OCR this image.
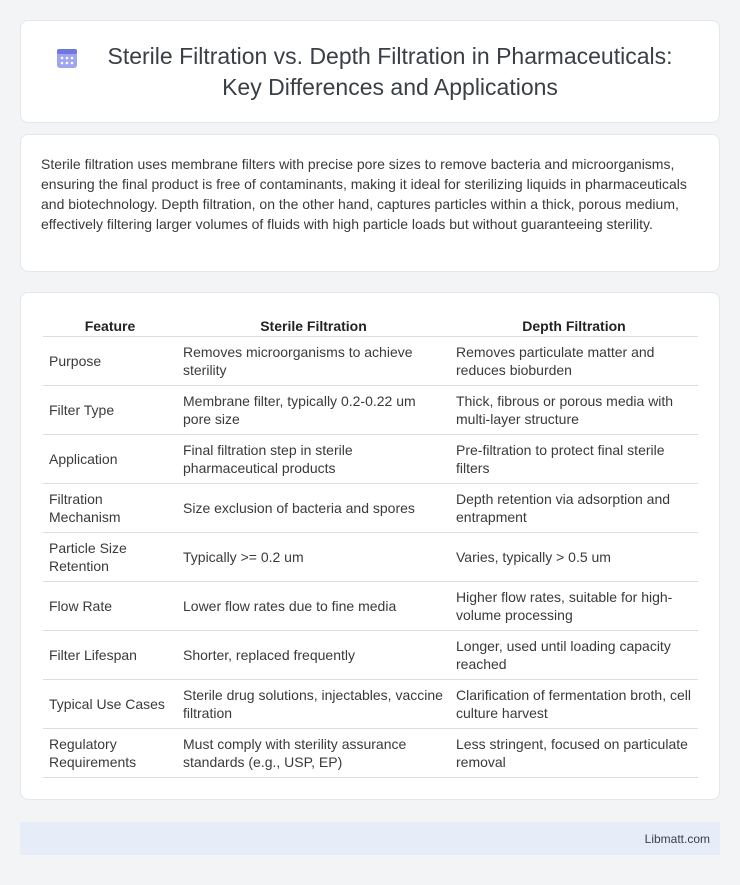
Sterile Filtration vs. Depth Filtration in Pharmaceuticals: Key Differences and Applications

Sterile filtration uses membrane filters with precise pore sizes to remove bacteria and microorganisms, ensuring the final product is free of contaminants, making it ideal for sterilizing liquids in pharmaceuticals and biotechnology. Depth filtration, on the other hand, captures particles within a thick, porous medium, effectively filtering larger volumes of fluids with high particle loads but without guaranteeing sterility.

Feature	Sterile Filtration	Depth Filtration
Purpose	Removes microorganisms to achieve sterility	Removes particulate matter and reduces bioburden
Filter Type	Membrane filter, typically 0.2-0.22 um pore size	Thick, fibrous or porous media with multi-layer structure
Application	Final filtration step in sterile pharmaceutical products	Pre-filtration to protect final sterile filters
Filtration Mechanism	Size exclusion of bacteria and spores	Depth retention via adsorption and entrapment
Particle Size Retention	Typically >= 0.2 um	Varies, typically > 0.5 um
Flow Rate	Lower flow rates due to fine media	Higher flow rates, suitable for high-volume processing
Filter Lifespan	Shorter, replaced frequently	Longer, used until loading capacity reached
Typical Use Cases	Sterile drug solutions, injectables, vaccine filtration	Clarification of fermentation broth, cell culture harvest
Regulatory Requirements	Must comply with sterility assurance standards (e.g., USP, EP)	Less stringent, focused on particulate removal
Libmatt.com
